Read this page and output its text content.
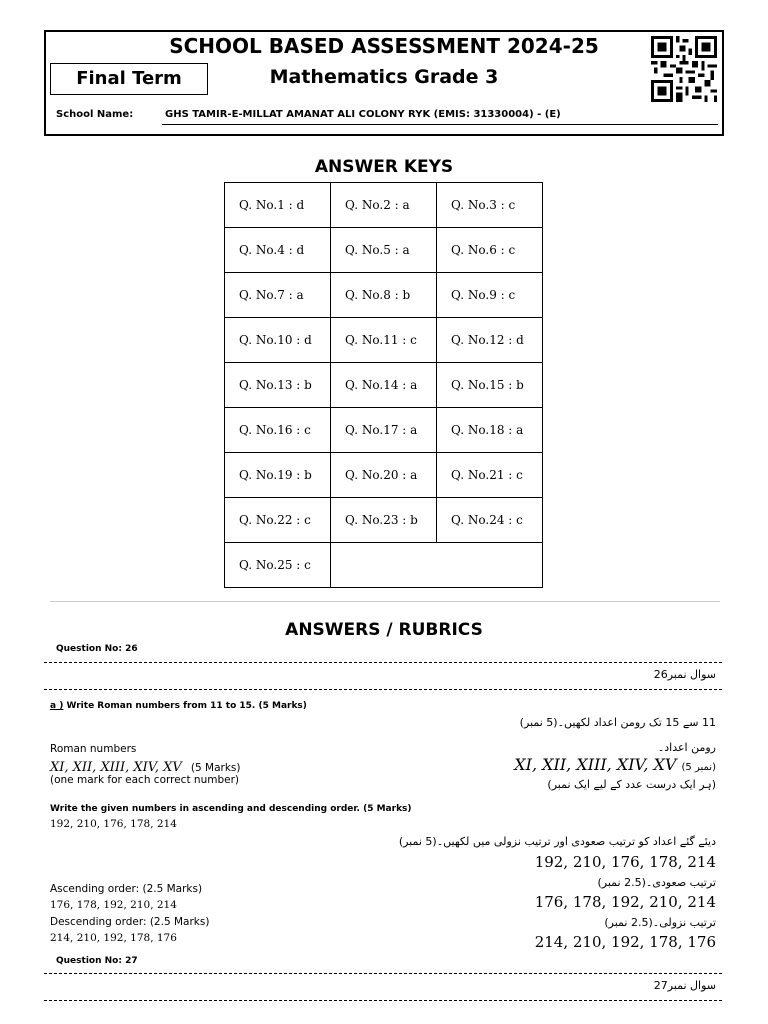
SCHOOL BASED ASSESSMENT 2024-25
Mathematics Grade 3
Final Term
School Name:	GHS TAMIR-E-MILLAT AMANAT ALI COLONY RYK (EMIS: 31330004) - (E)
ANSWER KEYS
Q. No.1 : d	Q. No.2 : a	Q. No.3 : c
Q. No.4 : d	Q. No.5 : a	Q. No.6 : c
Q. No.7 : a	Q. No.8 : b	Q. No.9 : c
Q. No.10 : d	Q. No.11 : c	Q. No.12 : d
Q. No.13 : b	Q. No.14 : a	Q. No.15 : b
Q. No.16 : c	Q. No.17 : a	Q. No.18 : a
Q. No.19 : b	Q. No.20 : a	Q. No.21 : c
Q. No.22 : c	Q. No.23 : b	Q. No.24 : c
Q. No.25 : c		
ANSWERS / RUBRICS
Question No: 26
سوال نمبر26
a ) Write Roman numbers from 11 to 15. (5 Marks)
11 سے 15 تک رومن اعداد لکھیں۔(5 نمبر)
Roman numbers
XI, XII, XIII, XIV, XV (5 Marks)
(one mark for each correct number)
رومن اعداد۔
XI, XII, XIII, XIV, XV (5 نمبر)
(ہر ایک درست عدد کے لیے ایک نمبر)
Write the given numbers in ascending and descending order. (5 Marks)
192, 210, 176, 178, 214
دیئے گئے اعداد کو ترتیب صعودی اور ترتیب نزولی میں لکھیں۔(5 نمبر)
192, 210, 176, 178, 214
ترتیب صعودی۔(2.5 نمبر)
176, 178, 192, 210, 214
ترتیب نزولی۔(2.5 نمبر)
214, 210, 192, 178, 176
Ascending order: (2.5 Marks)
176, 178, 192, 210, 214
Descending order: (2.5 Marks)
214, 210, 192, 178, 176
Question No: 27
سوال نمبر27
